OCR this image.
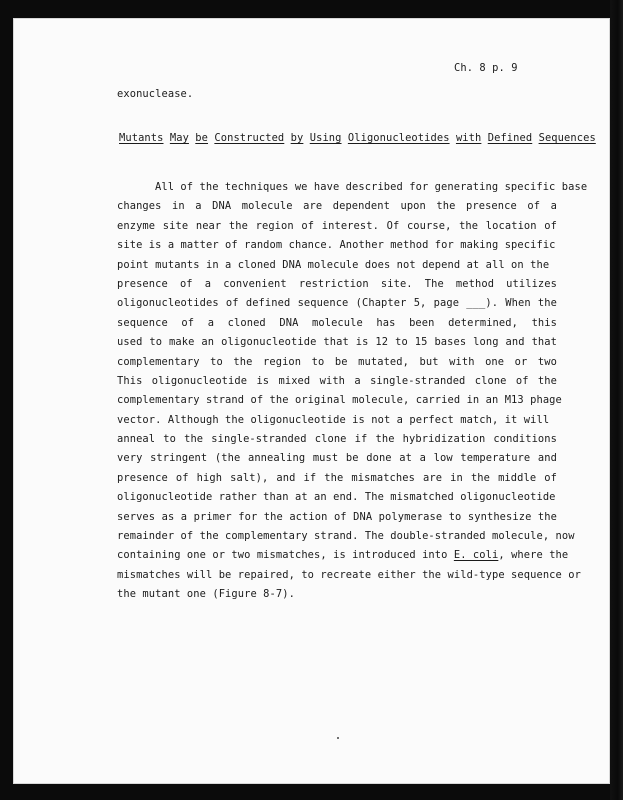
Ch. 8 p. 9
exonuclease.
Mutants May be Constructed by Using Oligonucleotides with Defined Sequences
All of the techniques we have described for generating specific base
changes in a DNA molecule are dependent upon the presence of a
enzyme site near the region of interest. Of course, the location of
site is a matter of random chance. Another method for making specific
point mutants in a cloned DNA molecule does not depend at all on the
presence of a convenient restriction site. The method utilizes
oligonucleotides of defined sequence (Chapter 5, page ___). When the
sequence of a cloned DNA molecule has been determined, this
used to make an oligonucleotide that is 12 to 15 bases long and that
complementary to the region to be mutated, but with one or two
This oligonucleotide is mixed with a single-stranded clone of the
complementary strand of the original molecule, carried in an M13 phage
vector. Although the oligonucleotide is not a perfect match, it will
anneal to the single-stranded clone if the hybridization conditions
very stringent (the annealing must be done at a low temperature and
presence of high salt), and if the mismatches are in the middle of
oligonucleotide rather than at an end. The mismatched oligonucleotide
serves as a primer for the action of DNA polymerase to synthesize the
remainder of the complementary strand. The double-stranded molecule, now
containing one or two mismatches, is introduced into E. coli, where the
mismatches will be repaired, to recreate either the wild-type sequence or
the mutant one (Figure 8-7).
